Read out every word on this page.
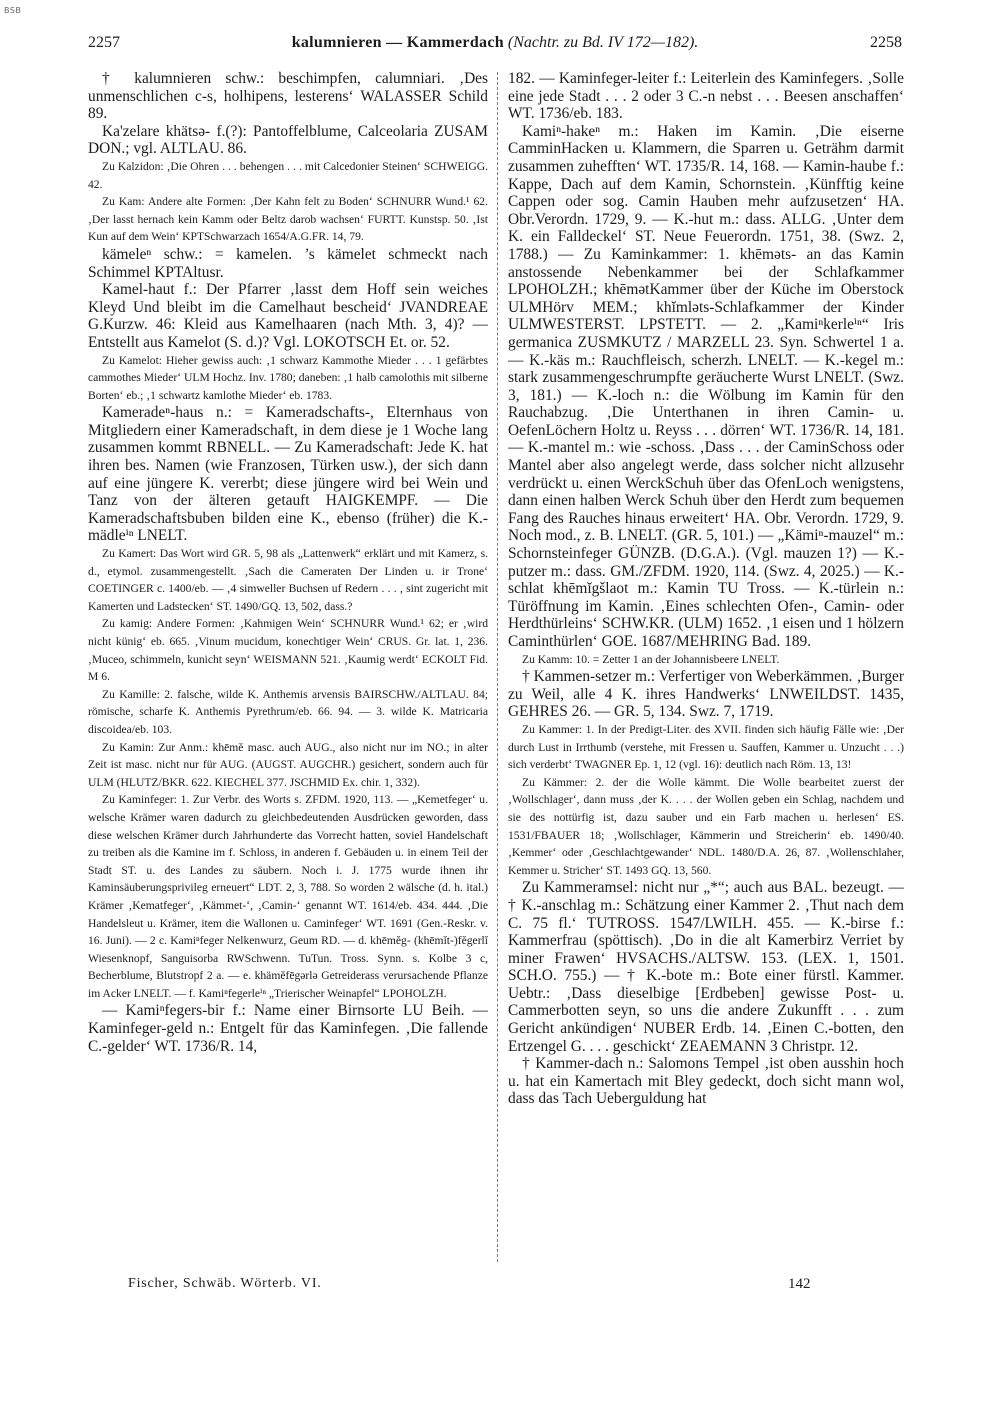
BSB
2257	kalumnieren — Kammerdach (Nachtr. zu Bd. IV 172—182).	2258

† kalumnieren schw.: beschimpfen, calumniari. ‚Des unmenschlichen c-s, holhipens, lesterens‘ WALASSER Schild 89.

Ka'zelare khätsə- f.(?): Pantoffelblume, Calceolaria ZUSAM DON.; vgl. ALTLAU. 86.

Zu Kalzidon: ‚Die Ohren . . . behengen . . . mit Calcedonier Steinen‘ SCHWEIGG. 42.

Zu Kam: Andere alte Formen: ‚Der Kahn felt zu Boden‘ SCHNURR Wund.¹ 62. ‚Der lasst hernach kein Kamm oder Beltz darob wachsen‘ FURTT. Kunstsp. 50. ‚Ist Kun auf dem Wein‘ KPTSchwarzach 1654/A.G.FR. 14, 79.

kämeleⁿ schw.: = kamelen. ’s kämelet schmeckt nach Schimmel KPTAltusr.

Kamel-haut f.: Der Pfarrer ‚lasst dem Hoff sein weiches Kleyd Und bleibt im die Camelhaut bescheid‘ JVANDREAE G.Kurzw. 46: Kleid aus Kamelhaaren (nach Mth. 3, 4)? — Entstellt aus Kamelot (S. d.)? Vgl. LOKOTSCH Et. or. 52.

Zu Kamelot: Hieher gewiss auch: ‚1 schwarz Kammothe Mieder . . . 1 gefärbtes cammothes Mieder‘ ULM Hochz. Inv. 1780; daneben: ‚1 halb camolothis mit silberne Borten‘ eb.; ‚1 schwartz kamlothe Mieder‘ eb. 1783.

Kameradeⁿ-haus n.: = Kameradschafts-, Elternhaus von Mitgliedern einer Kameradschaft, in dem diese je 1 Woche lang zusammen kommt RBNELL. — Zu Kameradschaft: Jede K. hat ihren bes. Namen (wie Franzosen, Türken usw.), der sich dann auf eine jüngere K. vererbt; diese jüngere wird bei Wein und Tanz von der älteren getauft HAIGKEMPF. — Die Kameradschaftsbuben bilden eine K., ebenso (früher) die K.-mädleⁱⁿ LNELT.

Zu Kamert: Das Wort wird GR. 5, 98 als „Lattenwerk“ erklärt und mit Kamerz, s. d., etymol. zusammengestellt. ‚Sach die Cameraten Der Linden u. ir Trone‘ COETINGER c. 1400/eb. — ‚4 simweller Buchsen uf Redern . . . , sint zugericht mit Kamerten und Ladstecken‘ ST. 1490/GQ. 13, 502, dass.?

Zu kamig: Andere Formen: ‚Kahmigen Wein‘ SCHNURR Wund.¹ 62; er ‚wird nicht künig‘ eb. 665. ‚Vinum mucidum, konechtiger Wein‘ CRUS. Gr. lat. 1, 236. ‚Muceo, schimmeln, kunicht seyn‘ WEISMANN 521. ‚Kaumig werdt‘ ECKOLT Fid. M 6.

Zu Kamille: 2. falsche, wilde K. Anthemis arvensis BAIRSCHW./ALTLAU. 84; römische, scharfe K. Anthemis Pyrethrum/eb. 66. 94. — 3. wilde K. Matricaria discoidea/eb. 103.

Zu Kamin: Zur Anm.: khēmĕ masc. auch AUG., also nicht nur im NO.; in alter Zeit ist masc. nicht nur für AUG. (AUGST. AUGCHR.) gesichert, sondern auch für ULM (HLUTZ/BKR. 622. KIECHEL 377. JSCHMID Ex. chir. 1, 332).

Zu Kaminfeger: 1. Zur Verbr. des Worts s. ZFDM. 1920, 113. — „Kemetfeger‘ u. welsche Krämer waren dadurch zu gleichbedeutenden Ausdrücken geworden, dass diese welschen Krämer durch Jahrhunderte das Vorrecht hatten, soviel Handelschaft zu treiben als die Kamine im f. Schloss, in anderen f. Gebäuden u. in einem Teil der Stadt ST. u. des Landes zu säubern. Noch i. J. 1775 wurde ihnen ihr Kaminsäuberungsprivileg erneuert“ LDT. 2, 3, 788. So worden 2 wälsche (d. h. ital.) Krämer ‚Kematfeger‘, ‚Kämmet-‘, ‚Camin-‘ genannt WT. 1614/eb. 434. 444. ‚Die Handelsleut u. Krämer, item die Wallonen u. Caminfeger‘ WT. 1691 (Gen.-Reskr. v. 16. Juni). — 2 c. Kamiⁿfeger Nelkenwurz, Geum RD. — d. khēmĕg- (khēmĭt-)fĕgerlĭ Wiesenknopf, Sanguisorba RWSchwenn. TuTun. Tross. Synn. s. Kolbe 3 c, Becherblume, Blutstropf 2 a. — e. khämĕfēgərlə Getreiderass verursachende Pflanze im Acker LNELT. — f. Kamiⁿfegerleⁱⁿ „Trierischer Weinapfel“ LPOHOLZH.

— Kamiⁿfegers-bir f.: Name einer Birnsorte LU Beih. — Kaminfeger-geld n.: Entgelt für das Kaminfegen. ‚Die fallende C.-gelder‘ WT. 1736/R. 14,

182. — Kaminfeger-leiter f.: Leiterlein des Kaminfegers. ‚Solle eine jede Stadt . . . 2 oder 3 C.-n nebst . . . Beesen anschaffen‘ WT. 1736/eb. 183.

Kamiⁿ-hakeⁿ m.: Haken im Kamin. ‚Die eiserne CamminHacken u. Klammern, die Sparren u. Geträhm darmit zusammen zuhefften‘ WT. 1735/R. 14, 168. — Kamin-haube f.: Kappe, Dach auf dem Kamin, Schornstein. ‚Künfftig keine Cappen oder sog. Camin Hauben mehr aufzusetzen‘ HA. Obr.Verordn. 1729, 9. — K.-hut m.: dass. ALLG. ‚Unter dem K. ein Falldeckel‘ ST. Neue Feuerordn. 1751, 38. (Swz. 2, 1788.) — Zu Kaminkammer: 1. khēmǝts- an das Kamin anstossende Nebenkammer bei der Schlafkammer LPOHOLZH.; khēmǝtKammer über der Küche im Oberstock ULMHörv MEM.; khĭmləts-Schlafkammer der Kinder ULMWESTERST. LPSTETT. — 2. „Kamiⁿkerleⁱⁿ“ Iris germanica ZUSMKUTZ / MARZELL 23. Syn. Schwertel 1 a. — K.-käs m.: Rauchfleisch, scherzh. LNELT. — K.-kegel m.: stark zusammengeschrumpfte geräucherte Wurst LNELT. (Swz. 3, 181.) — K.-loch n.: die Wölbung im Kamin für den Rauchabzug. ‚Die Unterthanen in ihren Camin- u. OefenLöchern Holtz u. Reyss . . . dörren‘ WT. 1736/R. 14, 181. — K.-mantel m.: wie -schoss. ‚Dass . . . der CaminSchoss oder Mantel aber also angelegt werde, dass solcher nicht allzusehr verdrückt u. einen WerckSchuh über das OfenLoch wenigstens, dann einen halben Werck Schuh über den Herdt zum bequemen Fang des Rauches hinaus erweitert‘ HA. Obr. Verordn. 1729, 9. Noch mod., z. B. LNELT. (GR. 5, 101.) — „Kämiⁿ-mauzel“ m.: Schornsteinfeger GÜNZB. (D.G.A.). (Vgl. mauzen 1?) — K.-putzer m.: dass. GM./ZFDM. 1920, 114. (Swz. 4, 2025.) — K.-schlat khēmĭgšlaot m.: Kamin TU Tross. — K.-türlein n.: Türöffnung im Kamin. ‚Eines schlechten Ofen-, Camin- oder Herdthürleins‘ SCHW.KR. (ULM) 1652. ‚1 eisen und 1 hölzern Caminthürlen‘ GOE. 1687/MEHRING Bad. 189.

Zu Kamm: 10. = Zetter 1 an der Johannisbeere LNELT.

† Kammen-setzer m.: Verfertiger von Weberkämmen. ‚Burger zu Weil, alle 4 K. ihres Handwerks‘ LNWEILDST. 1435, GEHRES 26. — GR. 5, 134. Swz. 7, 1719.

Zu Kammer: 1. In der Predigt-Liter. des XVII. finden sich häufig Fälle wie: ‚Der durch Lust in Irrthumb (verstehe, mit Fressen u. Sauffen, Kammer u. Unzucht . . .) sich verderbt‘ TWAGNER Ep. 1, 12 (vgl. 16): deutlich nach Röm. 13, 13!

Zu Kämmer: 2. der die Wolle kämmt. Die Wolle bearbeitet zuerst der ‚Wollschlager‘, dann muss ‚der K. . . . der Wollen geben ein Schlag, nachdem und sie des nottürfig ist, dazu sauber und ein Farb machen u. herlesen‘ ES. 1531/FBAUER 18; ‚Wollschlager, Kämmerin und Streicherin‘ eb. 1490/40. ‚Kemmer‘ oder ‚Geschlachtgewander‘ NDL. 1480/D.A. 26, 87. ‚Wollenschlaher, Kemmer u. Stricher‘ ST. 1493 GQ. 13, 560.

Zu Kammeramsel: nicht nur „*“; auch aus BAL. bezeugt. — † K.-anschlag m.: Schätzung einer Kammer 2. ‚Thut nach dem C. 75 fl.‘ TUTROSS. 1547/LWILH. 455. — K.-birse f.: Kammerfrau (spöttisch). ‚Do in die alt Kamerbirz Verriet by miner Frawen‘ HVSACHS./ALTSW. 153. (LEX. 1, 1501. SCH.O. 755.) — † K.-bote m.: Bote einer fürstl. Kammer. Uebtr.: ‚Dass dieselbige [Erdbeben] gewisse Post- u. Cammerbotten seyn, so uns die andere Zukunfft . . . zum Gericht ankündigen‘ NUBER Erdb. 14. ‚Einen C.-botten, den Ertzengel G. . . . geschickt‘ ZEAEMANN 3 Christpr. 12.

† Kammer-dach n.: Salomons Tempel ‚ist oben ausshin hoch u. hat ein Kamertach mit Bley gedeckt, doch sicht mann wol, dass das Tach Ueberguldung hat

Fischer, Schwäb. Wörterb. VI.	142
